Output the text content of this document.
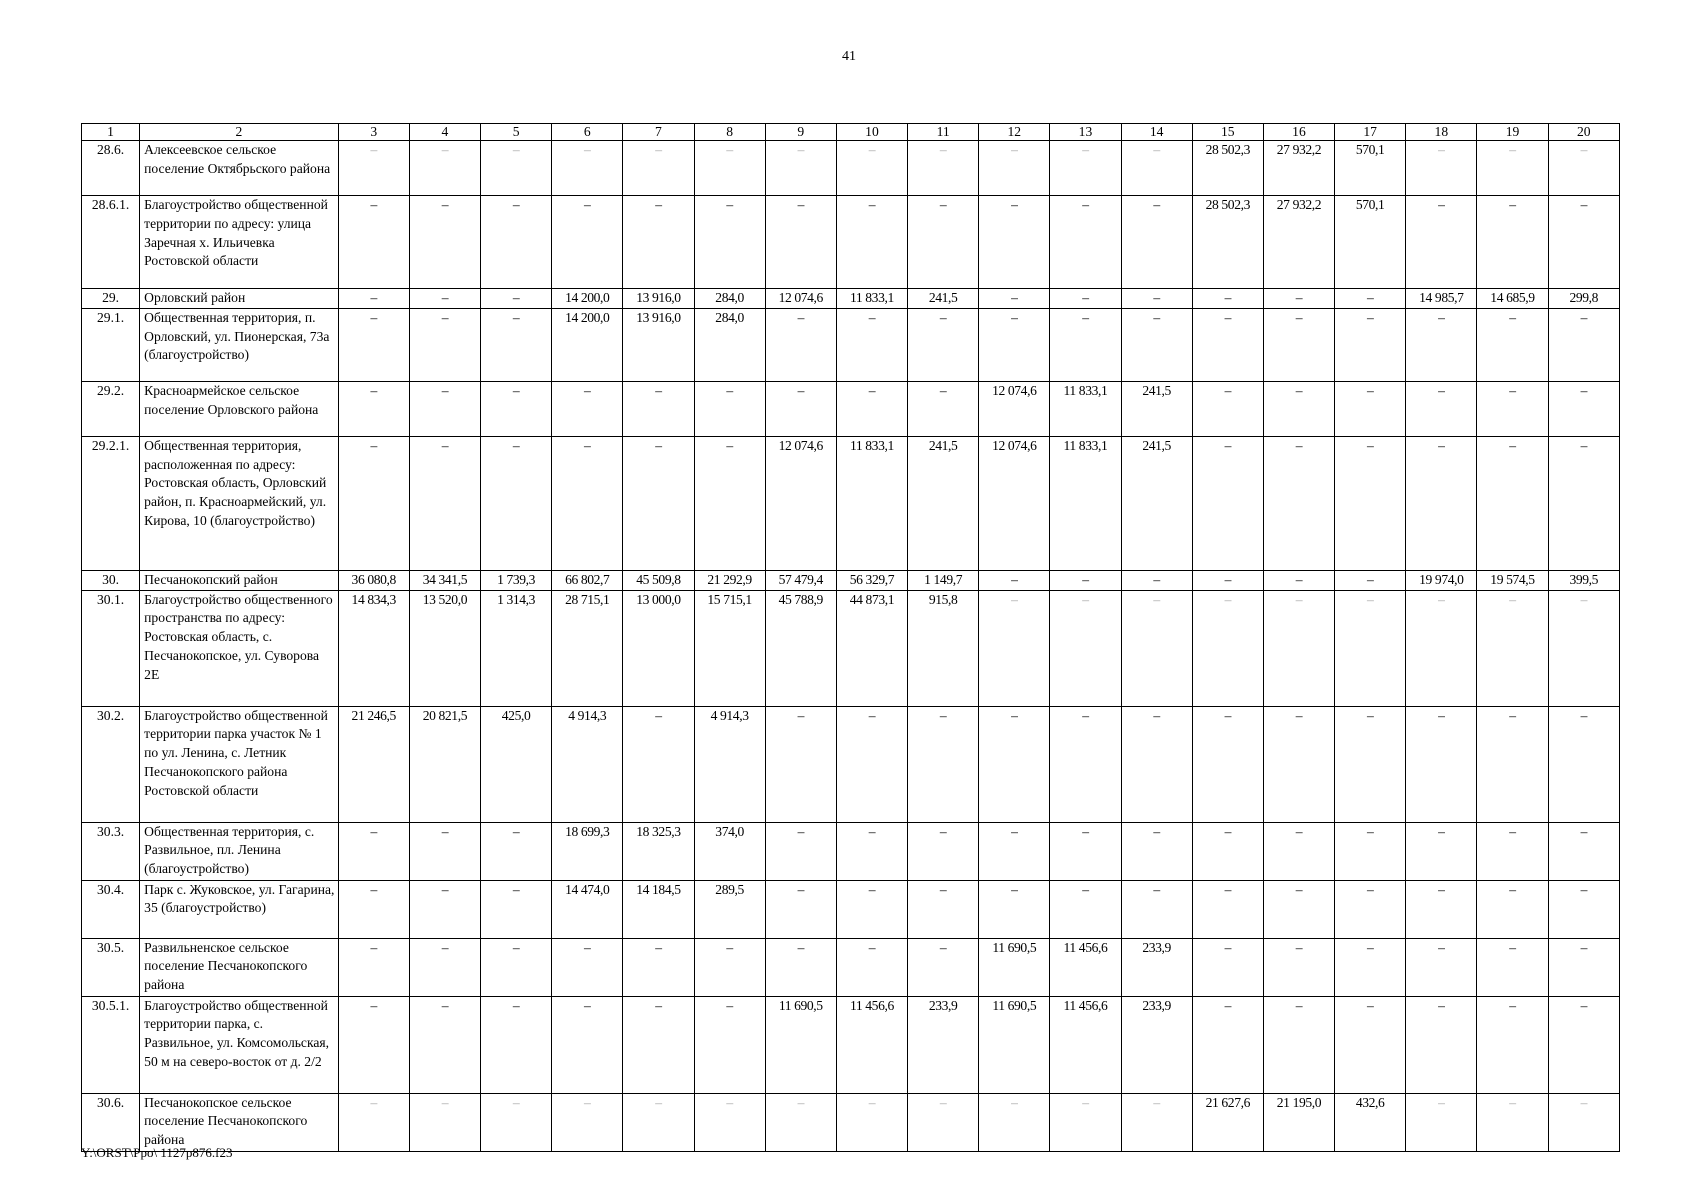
41
1	2	3	4	5	6	7	8	9	10	11	12	13	14	15	16	17	18	19	20
28.6.	Алексеевское сельское поселение Октябрьского района	–	–	–	–	–	–	–	–	–	–	–	–	28 502,3	27 932,2	570,1	–	–	–
28.6.1.	Благоустройство общественной территории по адресу: улица Заречная х. Ильичевка Ростовской области	–	–	–	–	–	–	–	–	–	–	–	–	28 502,3	27 932,2	570,1	–	–	–
29.	Орловский район	–	–	–	14 200,0	13 916,0	284,0	12 074,6	11 833,1	241,5	–	–	–	–	–	–	14 985,7	14 685,9	299,8
29.1.	Общественная территория, п. Орловский, ул. Пионерская, 73а (благоустройство)	–	–	–	14 200,0	13 916,0	284,0	–	–	–	–	–	–	–	–	–	–	–	–
29.2.	Красноармейское сельское поселение Орловского района	–	–	–	–	–	–	–	–	–	12 074,6	11 833,1	241,5	–	–	–	–	–	–
29.2.1.	Общественная территория, расположенная по адресу: Ростовская область, Орловский район, п. Красноармейский, ул. Кирова, 10 (благоустройство)	–	–	–	–	–	–	12 074,6	11 833,1	241,5	12 074,6	11 833,1	241,5	–	–	–	–	–	–
30.	Песчанокопский район	36 080,8	34 341,5	1 739,3	66 802,7	45 509,8	21 292,9	57 479,4	56 329,7	1 149,7	–	–	–	–	–	–	19 974,0	19 574,5	399,5
30.1.	Благоустройство общественного пространства по адресу: Ростовская область, с. Песчанокопское, ул. Суворова 2Е	14 834,3	13 520,0	1 314,3	28 715,1	13 000,0	15 715,1	45 788,9	44 873,1	915,8	–	–	–	–	–	–	–	–	–
30.2.	Благоустройство общественной территории парка участок № 1 по ул. Ленина, с. Летник Песчанокопского района Ростовской области	21 246,5	20 821,5	425,0	4 914,3	–	4 914,3	–	–	–	–	–	–	–	–	–	–	–	–
30.3.	Общественная территория, с. Развильное, пл. Ленина (благоустройство)	–	–	–	18 699,3	18 325,3	374,0	–	–	–	–	–	–	–	–	–	–	–	–
30.4.	Парк с. Жуковское, ул. Гагарина, 35 (благоустройство)	–	–	–	14 474,0	14 184,5	289,5	–	–	–	–	–	–	–	–	–	–	–	–
30.5.	Развильненское сельское поселение Песчанокопского района	–	–	–	–	–	–	–	–	–	11 690,5	11 456,6	233,9	–	–	–	–	–	–
30.5.1.	Благоустройство общественной территории парка, с. Развильное, ул. Комсомольская, 50 м на северо-восток от д. 2/2	–	–	–	–	–	–	11 690,5	11 456,6	233,9	11 690,5	11 456,6	233,9	–	–	–	–	–	–
30.6.	Песчанокопское сельское поселение Песчанокопского района	–	–	–	–	–	–	–	–	–	–	–	–	21 627,6	21 195,0	432,6	–	–	–
Y:\ORST\Ppo\ 1127p876.f23
